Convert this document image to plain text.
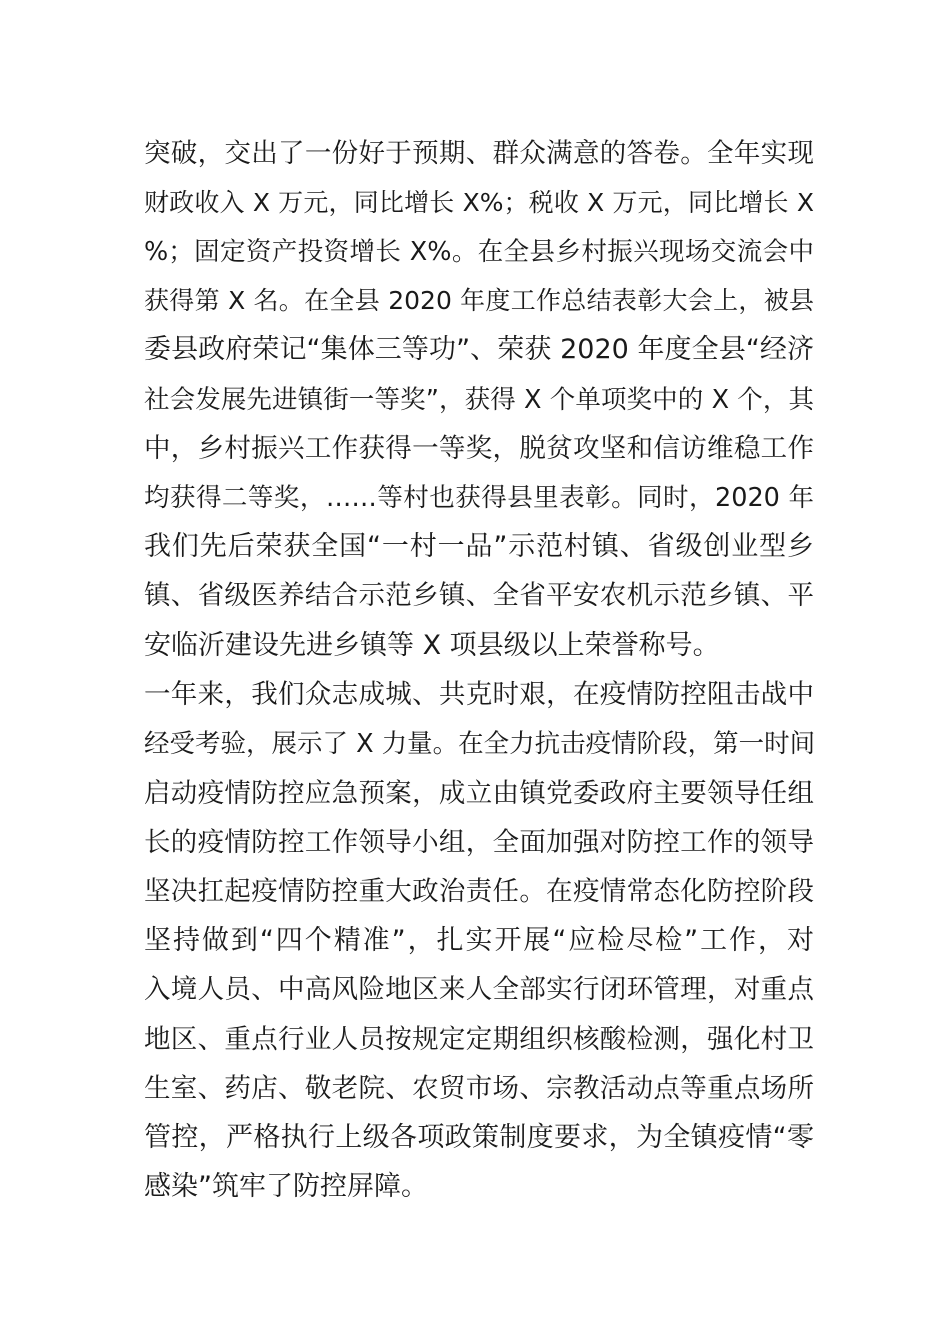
突破，交出了一份好于预期、群众满意的答卷。全年实现
财政收入 X 万元，同比增长 X%；税收 X 万元，同比增长 X
%；固定资产投资增长 X%。在全县乡村振兴现场交流会中
获得第 X 名。在全县 2020 年度工作总结表彰大会上，被县
委县政府荣记“集体三等功”、荣获 2020 年度全县“经济
社会发展先进镇街一等奖”，获得 X 个单项奖中的 X 个，其
中，乡村振兴工作获得一等奖，脱贫攻坚和信访维稳工作
均获得二等奖，……等村也获得县里表彰。同时，2020 年
我们先后荣获全国“一村一品”示范村镇、省级创业型乡
镇、省级医养结合示范乡镇、全省平安农机示范乡镇、平
安临沂建设先进乡镇等 X 项县级以上荣誉称号。
一年来，我们众志成城、共克时艰，在疫情防控阻击战中
经受考验，展示了 X 力量。在全力抗击疫情阶段，第一时间
启动疫情防控应急预案，成立由镇党委政府主要领导任组
长的疫情防控工作领导小组，全面加强对防控工作的领导
坚决扛起疫情防控重大政治责任。在疫情常态化防控阶段
坚持做到“四个精准”，扎实开展“应检尽检”工作，对
入境人员、中高风险地区来人全部实行闭环管理，对重点
地区、重点行业人员按规定定期组织核酸检测，强化村卫
生室、药店、敬老院、农贸市场、宗教活动点等重点场所
管控，严格执行上级各项政策制度要求，为全镇疫情“零
感染”筑牢了防控屏障。
